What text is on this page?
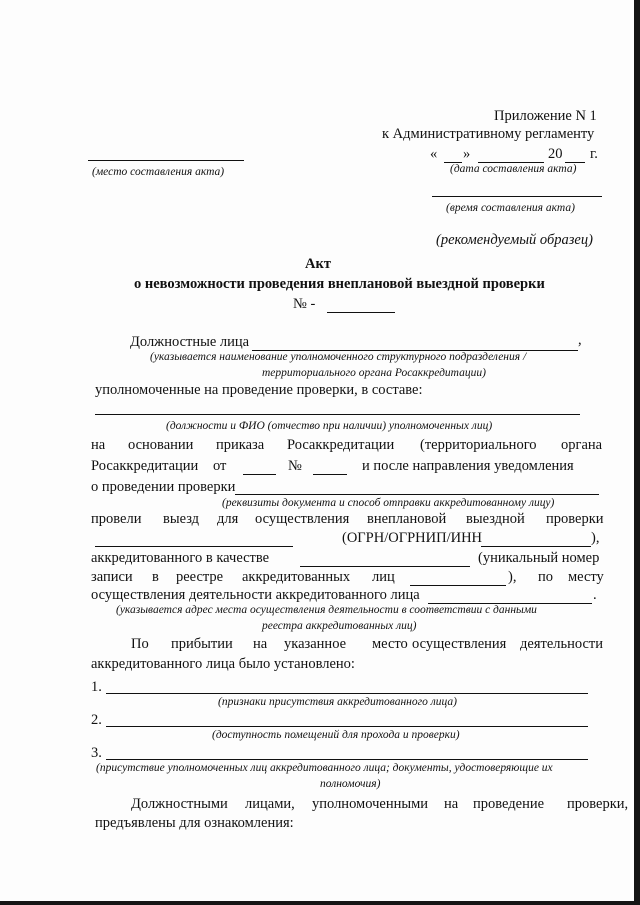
Приложение N 1
к Административному регламенту
« »	20 г.
(место составления акта)	(дата составления акта)
(время составления акта)
(рекомендуемый образец)
Акт
о невозможности проведения внеплановой выездной проверки
№ -
Должностные лица	,
(указывается наименование уполномоченного структурного подразделения /
территориального органа Росаккредитации)
уполномоченные на проведение проверки, в составе:
(должности и ФИО (отчество при наличии) уполномоченных лиц)
на основании приказа Росаккредитации (территориального органа
Росаккредитации от	№	и после направления уведомления
о проведении проверки
(реквизиты документа и способ отправки аккредитованному лицу)
провели выезд для осуществления внеплановой выездной проверки
(ОГРН/ОГРНИП/ИНН	),
аккредитованного в качестве	(уникальный номер
записи в реестре аккредитованных лиц	), по месту
осуществления деятельности аккредитованного лица	.
(указывается адрес места осуществления деятельности в соответствии с данными
реестра аккредитованных лиц)
По прибытии на указанное место осуществления деятельности
аккредитованного лица было установлено:
1.
(признаки присутствия аккредитованного лица)
2.
(доступность помещений для прохода и проверки)
3.
(присутствие уполномоченных лиц аккредитованного лица; документы, удостоверяющие их
полномочия)
Должностными лицами, уполномоченными на проведение проверки,
предъявлены для ознакомления:
